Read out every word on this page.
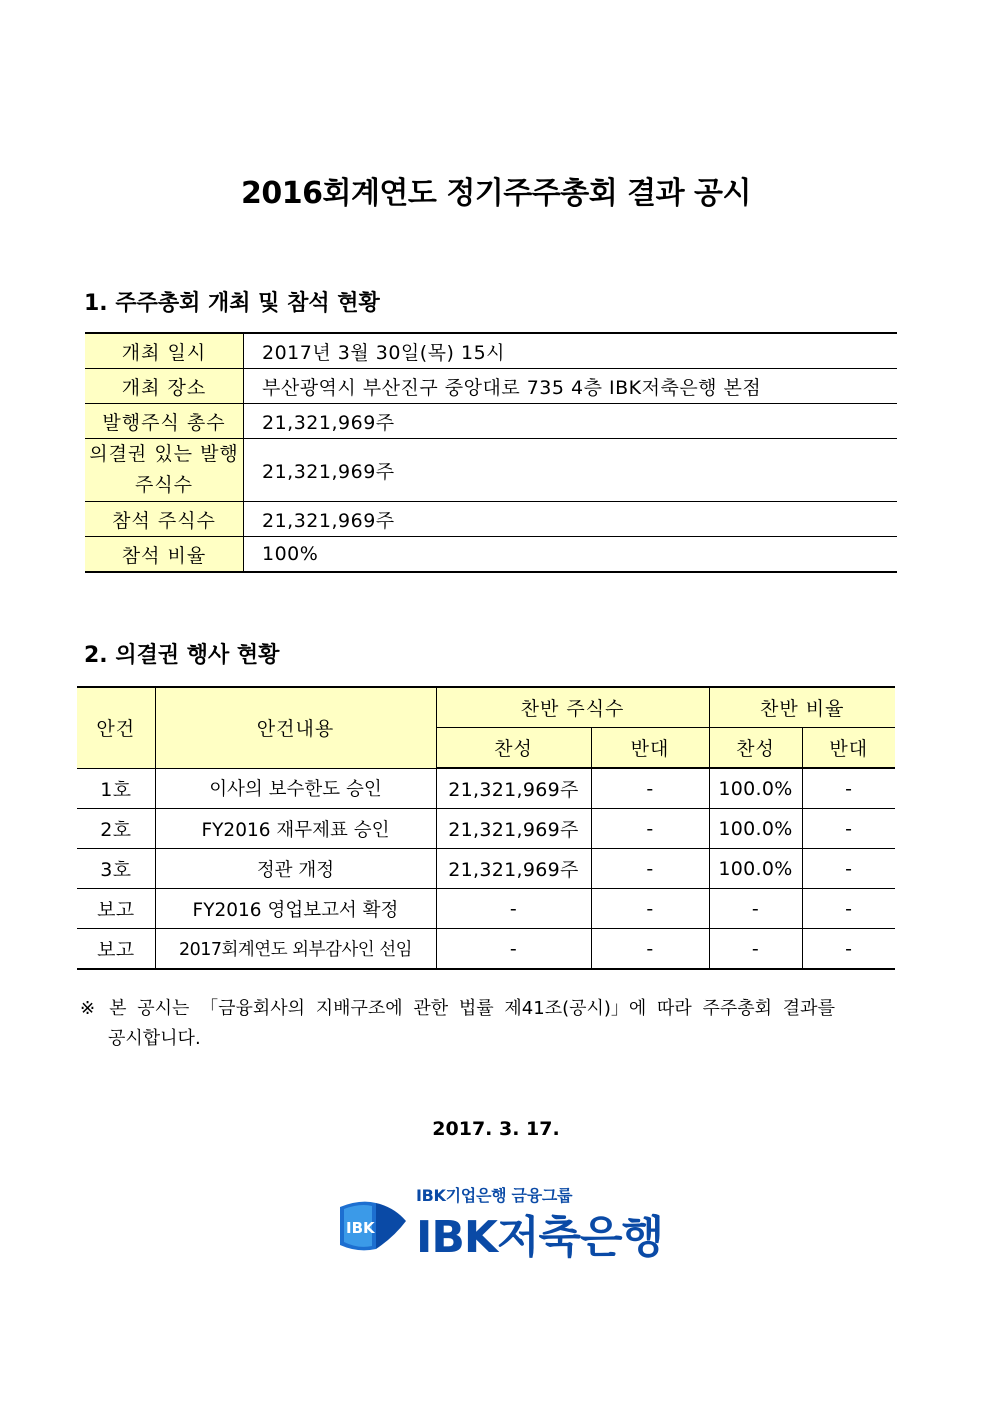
2016회계연도 정기주주총회 결과 공시
1. 주주총회 개최 및 참석 현황
개최 일시	2017년 3월 30일(목) 15시
개최 장소	부산광역시 부산진구 중앙대로 735 4층 IBK저축은행 본점
발행주식 총수	21,321,969주
의결권 있는 발행 주식수	21,321,969주
참석 주식수	21,321,969주
참석 비율	100%
2. 의결권 행사 현황
안건	안건내용	찬반 주식수		찬반 비율	
		찬성	반대	찬성	반대
1호	이사의 보수한도 승인	21,321,969주	-	100.0%	-
2호	FY2016 재무제표 승인	21,321,969주	-	100.0%	-
3호	정관 개정	21,321,969주	-	100.0%	-
보고	FY2016 영업보고서 확정	-	-	-	-
보고	2017회계연도 외부감사인 선임	-	-	-	-
※ 본 공시는 「금융회사의 지배구조에 관한 법률 제41조(공시)」에 따라 주주총회 결과를
공시합니다.
2017. 3. 17.
IBK
IBK기업은행 금융그룹
IBK저축은행
